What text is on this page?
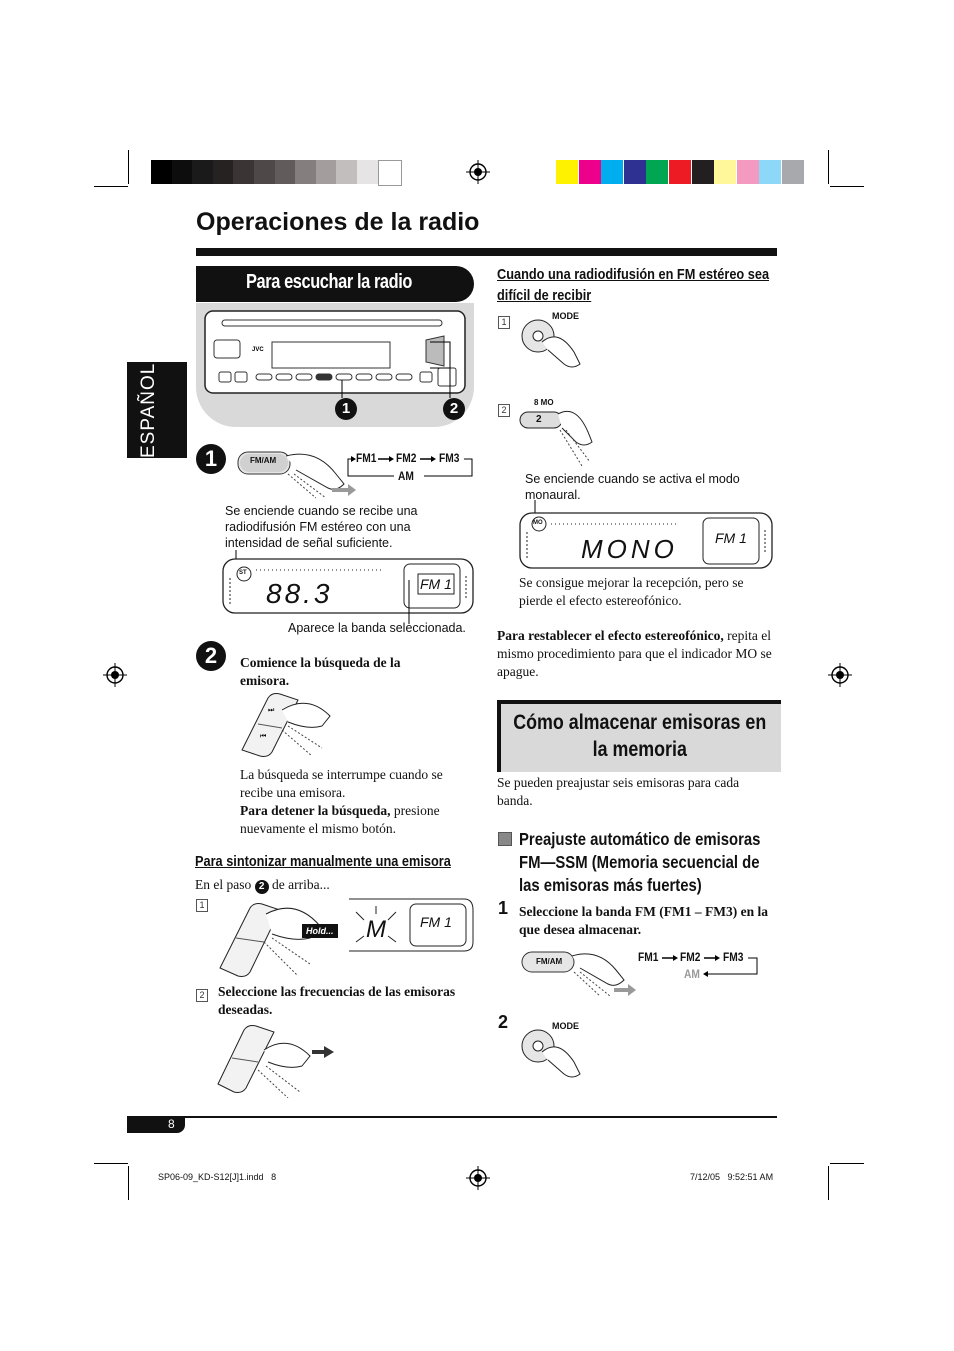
Operaciones de la radio
ESPAÑOL
Para escuchar la radio
JVC
1	2
1	FM/AM	FM1 FM2 FM3
AM
Se enciende cuando se recibe una radiodifusión FM estéreo con una intensidad de señal suficiente.
ST
88.3	FM 1
Aparece la banda seleccionada.
2	Comience la búsqueda de la emisora.
⏭
⏮
La búsqueda se interrumpe cuando se recibe una emisora.
Para detener la búsqueda, presione nuevamente el mismo botón.
Para sintonizar manualmente una emisora
En el paso 2 de arriba...
1
Hold... M FM 1
2 Seleccione las frecuencias de las emisoras deseadas.
Cuando una radiodifusión en FM estéreo sea difícil de recibir
1
MODE
2
8 MO
2
Se enciende cuando se activa el modo monaural.
MO
MONO	FM 1
Se consigue mejorar la recepción, pero se pierde el efecto estereofónico.
Para restablecer el efecto estereofónico, repita el mismo procedimiento para que el indicador MO se apague.
Cómo almacenar emisoras en la memoria
Se pueden preajustar seis emisoras para cada banda.
Preajuste automático de emisoras FM—SSM (Memoria secuencial de las emisoras más fuertes)
1 Seleccione la banda FM (FM1 – FM3) en la que desea almacenar.
FM/AM	FM1 FM2 FM3
AM
2	MODE
8
SP06-09_KD-S12[J]1.indd   8	7/12/05   9:52:51 AM
